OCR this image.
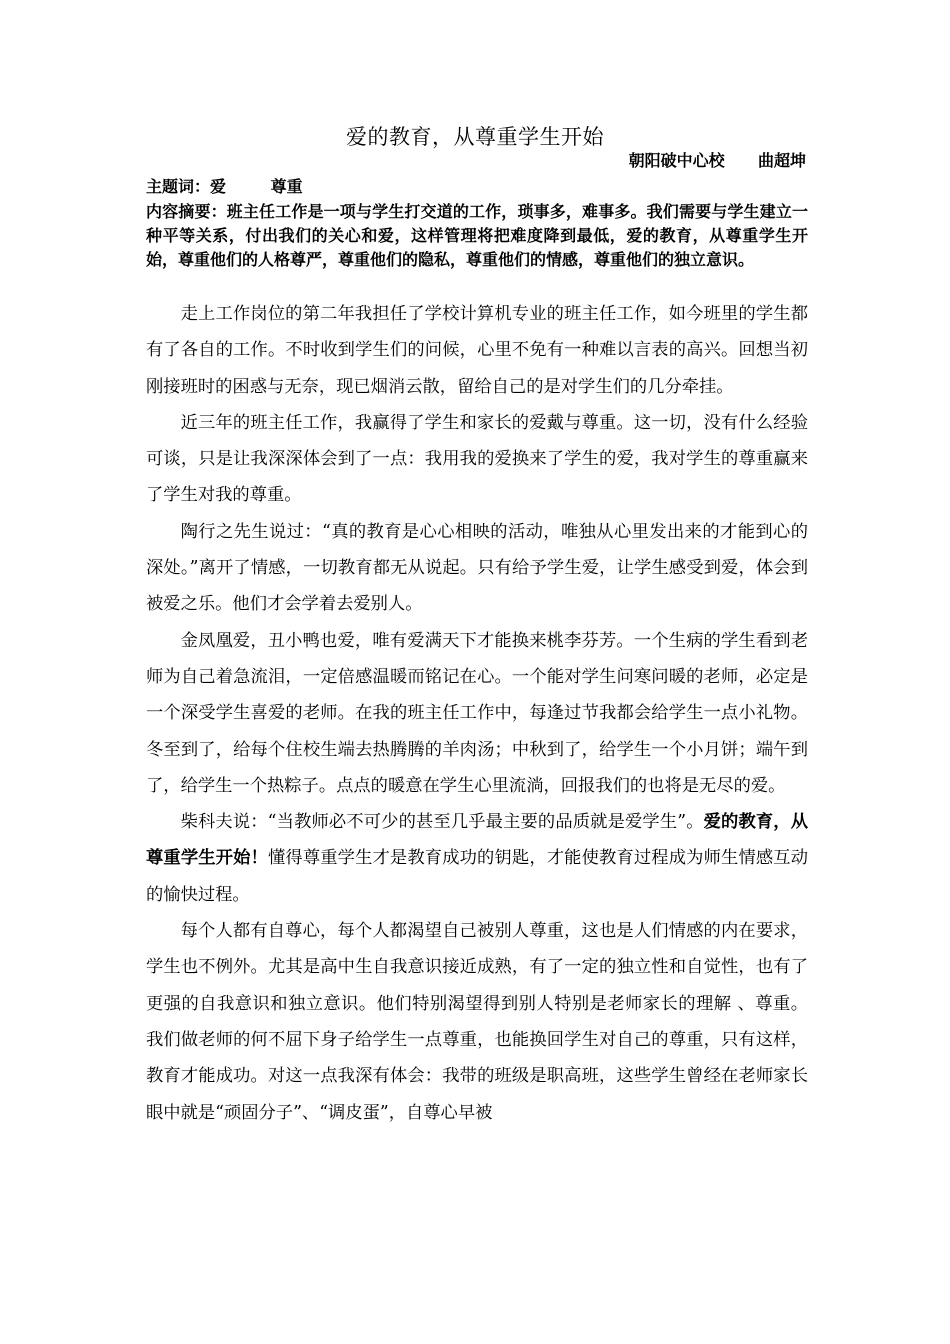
爱的教育，从尊重学生开始
朝阳破中心校      曲超坤
主题词：爱        尊重
内容摘要：班主任工作是一项与学生打交道的工作，琐事多，难事多。我们需要与学生建立一种平等关系，付出我们的关心和爱，这样管理将把难度降到最低，爱的教育，从尊重学生开始，尊重他们的人格尊严，尊重他们的隐私，尊重他们的情感，尊重他们的独立意识。

走上工作岗位的第二年我担任了学校计算机专业的班主任工作，如今班里的学生都有了各自的工作。不时收到学生们的问候，心里不免有一种难以言表的高兴。回想当初刚接班时的困惑与无奈，现已烟消云散，留给自己的是对学生们的几分牵挂。

近三年的班主任工作，我赢得了学生和家长的爱戴与尊重。这一切，没有什么经验可谈，只是让我深深体会到了一点：我用我的爱换来了学生的爱，我对学生的尊重赢来了学生对我的尊重。

陶行之先生说过：“真的教育是心心相映的活动，唯独从心里发出来的才能到心的深处。”离开了情感，一切教育都无从说起。只有给予学生爱，让学生感受到爱，体会到被爱之乐。他们才会学着去爱别人。

金凤凰爱，丑小鸭也爱，唯有爱满天下才能换来桃李芬芳。一个生病的学生看到老师为自己着急流泪，一定倍感温暖而铭记在心。一个能对学生问寒问暖的老师，必定是一个深受学生喜爱的老师。在我的班主任工作中，每逢过节我都会给学生一点小礼物。冬至到了，给每个住校生端去热腾腾的羊肉汤；中秋到了，给学生一个小月饼；端午到了，给学生一个热粽子。点点的暖意在学生心里流淌，回报我们的也将是无尽的爱。

柴科夫说：“当教师必不可少的甚至几乎最主要的品质就是爱学生”。爱的教育，从尊重学生开始！懂得尊重学生才是教育成功的钥匙，才能使教育过程成为师生情感互动的愉快过程。

每个人都有自尊心，每个人都渴望自己被别人尊重，这也是人们情感的内在要求，学生也不例外。尤其是高中生自我意识接近成熟，有了一定的独立性和自觉性，也有了更强的自我意识和独立意识。他们特别渴望得到别人特别是老师家长的理解 、尊重。我们做老师的何不屈下身子给学生一点尊重，也能换回学生对自己的尊重，只有这样，教育才能成功。对这一点我深有体会：我带的班级是职高班，这些学生曾经在老师家长眼中就是“顽固分子”、“调皮蛋”，自尊心早被
